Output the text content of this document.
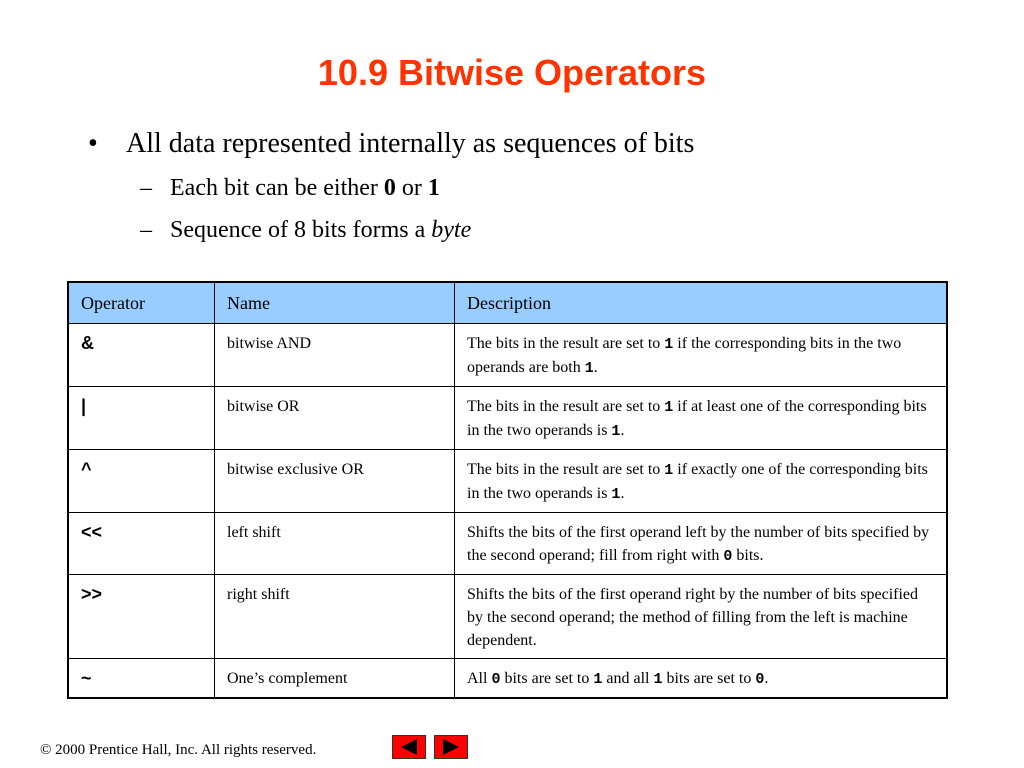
10.9 Bitwise Operators
• All data represented internally as sequences of bits
– Each bit can be either 0 or 1
– Sequence of 8 bits forms a byte
Operator	Name	Description
&	bitwise AND	The bits in the result are set to 1 if the corresponding bits in the two operands are both 1.
|	bitwise OR	The bits in the result are set to 1 if at least one of the corresponding bits in the two operands is 1.
^	bitwise exclusive OR	The bits in the result are set to 1 if exactly one of the corresponding bits in the two operands is 1.
<<	left shift	Shifts the bits of the first operand left by the number of bits specified by the second operand; fill from right with 0 bits.
>>	right shift	Shifts the bits of the first operand right by the number of bits specified by the second operand; the method of filling from the left is machine dependent.
~	One’s complement	All 0 bits are set to 1 and all 1 bits are set to 0.
© 2000 Prentice Hall, Inc. All rights reserved.
